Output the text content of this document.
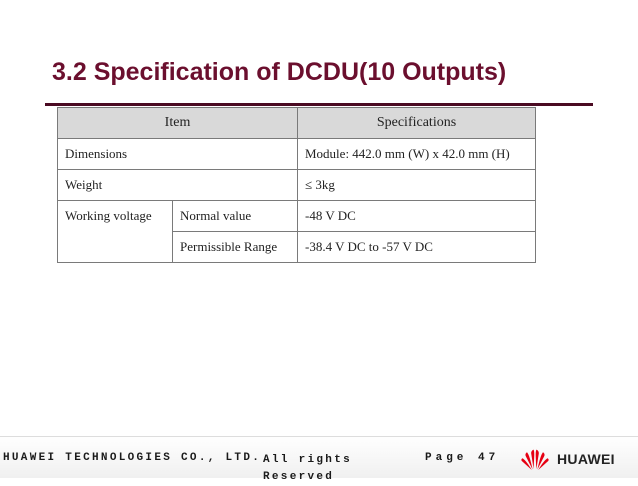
3.2 Specification of DCDU(10 Outputs)
Item		Specifications
Dimensions		Module: 442.0 mm (W) x 42.0 mm (H)
Weight		≤ 3kg
Working voltage	Normal value	-48 V DC
	Permissible Range	-38.4 V DC to -57 V DC
HUAWEI TECHNOLOGIES CO., LTD. All rights Reserved
Page 47	HUAWEI
